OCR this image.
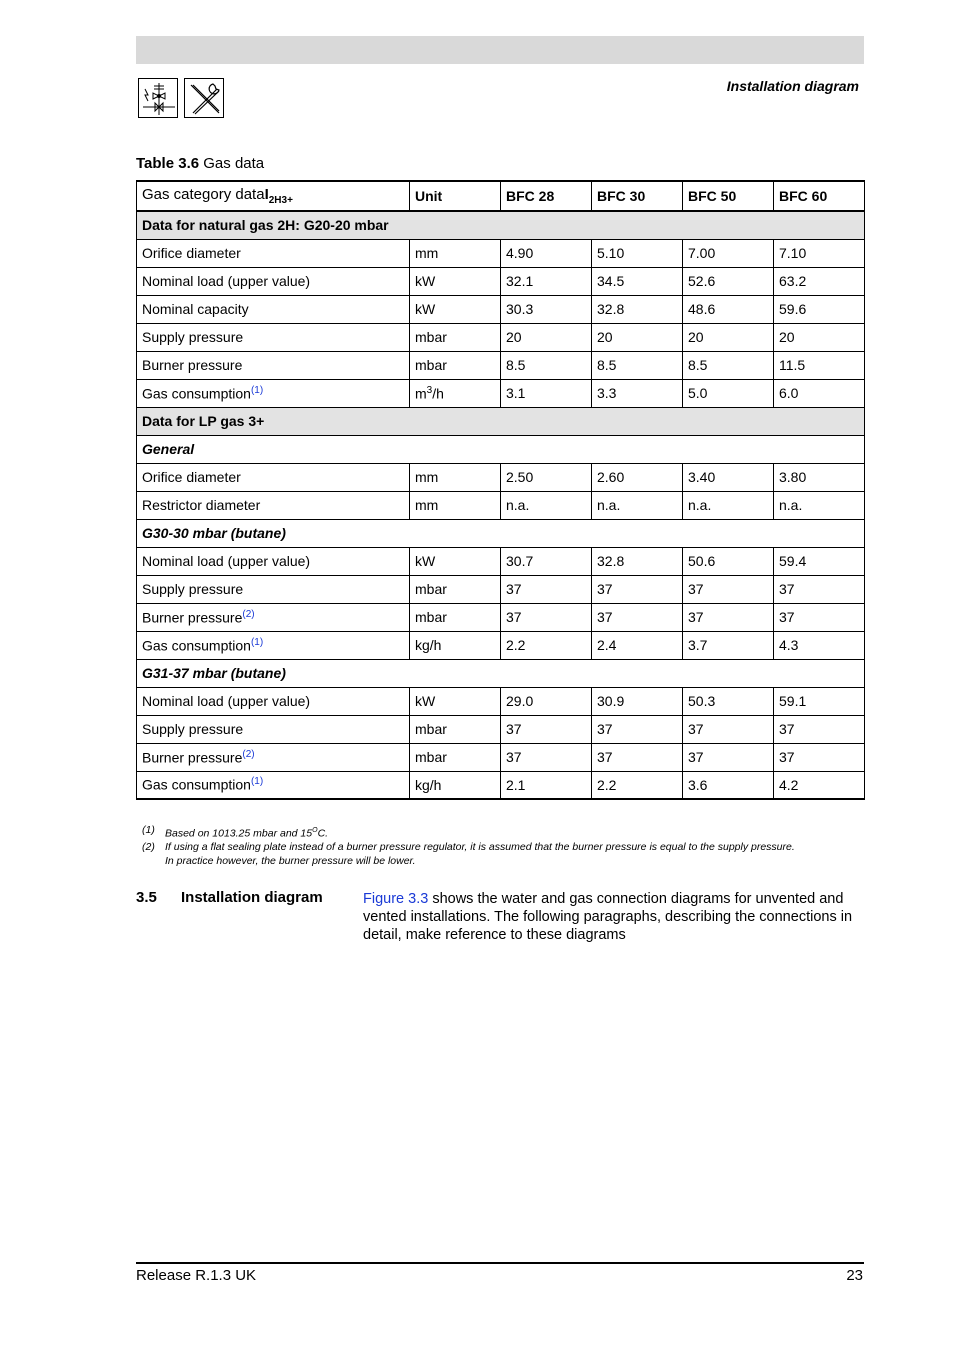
Installation diagram
Table 3.6 Gas data
Gas category dataI$_{2H3+}$	Unit	BFC 28	BFC 30	BFC 50	BFC 60
Data for natural gas 2H: G20-20 mbar					
Orifice diameter	mm	4.90	5.10	7.00	7.10
Nominal load (upper value)	kW	32.1	34.5	52.6	63.2
Nominal capacity	kW	30.3	32.8	48.6	59.6
Supply pressure	mbar	20	20	20	20
Burner pressure	mbar	8.5	8.5	8.5	11.5
Gas consumption$^{(1)}$	$m^3/h$	3.1	3.3	5.0	6.0
Data for LP gas 3+					
General					
Orifice diameter	mm	2.50	2.60	3.40	3.80
Restrictor diameter	mm	n.a.	n.a.	n.a.	n.a.
G30-30 mbar (butane)					
Nominal load (upper value)	kW	30.7	32.8	50.6	59.4
Supply pressure	mbar	37	37	37	37
Burner pressure$^{(2)}$	mbar	37	37	37	37
Gas consumption$^{(1)}$	kg/h	2.2	2.4	3.7	4.3
G31-37 mbar (butane)					
Nominal load (upper value)	kW	29.0	30.9	50.3	59.1
Supply pressure	mbar	37	37	37	37
Burner pressure$^{(2)}$	mbar	37	37	37	37
Gas consumption$^{(1)}$	kg/h	2.1	2.2	3.6	4.2
(1) Based on 1013.25 mbar and $15^OC$.
(2) If using a flat sealing plate instead of a burner pressure regulator, it is assumed that the burner pressure is equal to the supply pressure.
In practice however, the burner pressure will be lower.
3.5 Installation diagram	Figure 3.3 shows the water and gas connection diagrams for unvented and vented installations. The following paragraphs, describing the connections in detail, make reference to these diagrams
Release R.1.3 UK	23
